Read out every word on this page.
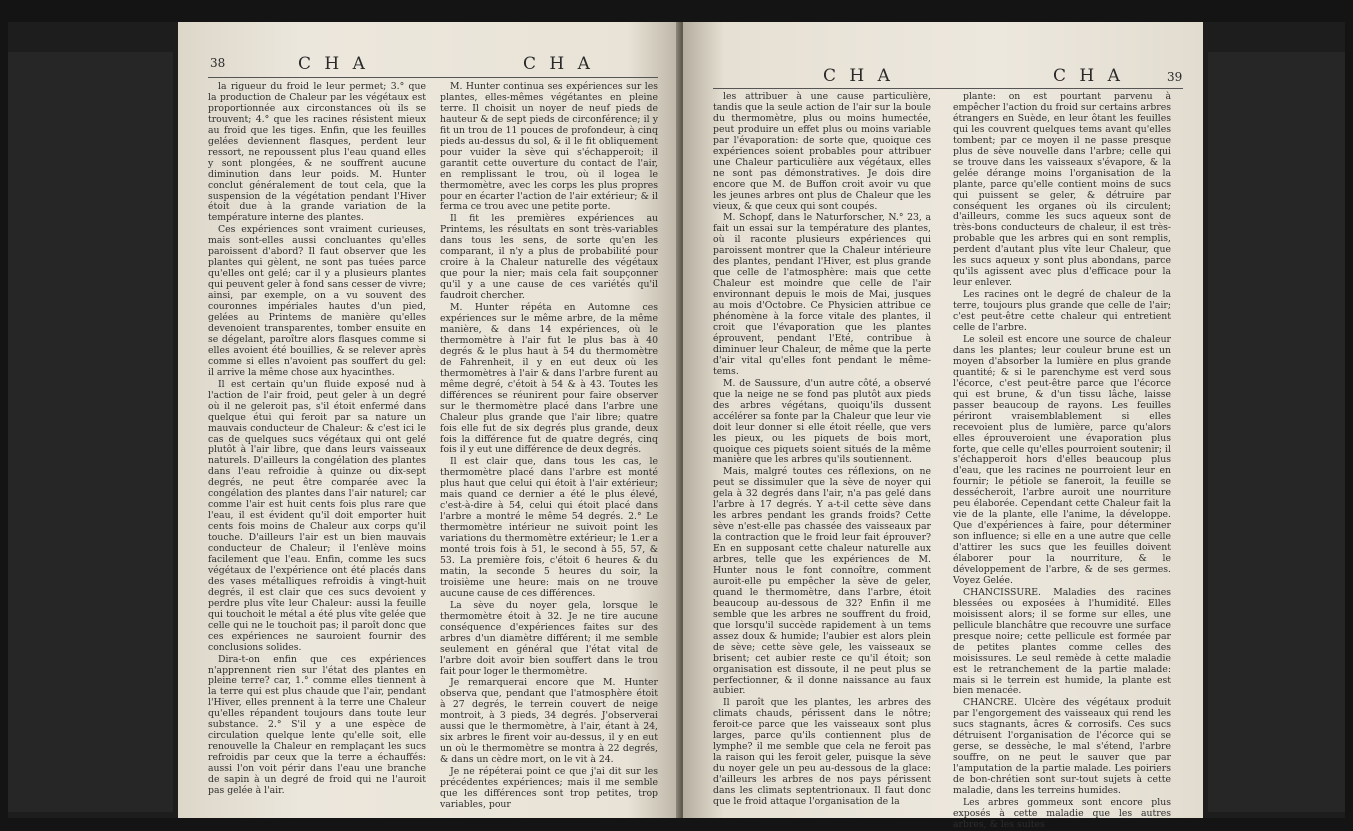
38	C H A	C H A

la rigueur du froid le leur permet; 3.° que la production de Chaleur par les végétaux est proportionnée aux circonstances où ils se trouvent; 4.° que les racines résistent mieux au froid que les tiges. Enfin, que les feuilles gelées deviennent flasques, perdent leur ressort, ne repoussent plus l'eau quand elles y sont plongées, & ne souffrent aucune diminution dans leur poids. M. Hunter conclut généralement de tout cela, que la suspension de la végétation pendant l'Hiver étoit due à la grande variation de la température interne des plantes.

Ces expériences sont vraiment curieuses, mais sont-elles aussi concluantes qu'elles paroissent d'abord? Il faut observer que les plantes qui gèlent, ne sont pas tuées parce qu'elles ont gelé; car il y a plusieurs plantes qui peuvent geler à fond sans cesser de vivre; ainsi, par exemple, on a vu souvent des couronnes impériales hautes d'un pied, gelées au Printems de manière qu'elles devenoient transparentes, tomber ensuite en se dégelant, paroître alors flasques comme si elles avoient été bouillies, & se relever après comme si elles n'avoient pas souffert du gel: il arrive la même chose aux hyacinthes.

Il est certain qu'un fluide exposé nud à l'action de l'air froid, peut geler à un degré où il ne geleroit pas, s'il étoit enfermé dans quelque étui qui feroit par sa nature un mauvais conducteur de Chaleur: & c'est ici le cas de quelques sucs végétaux qui ont gelé plutôt à l'air libre, que dans leurs vaisseaux naturels. D'ailleurs la congélation des plantes dans l'eau refroidie à quinze ou dix-sept degrés, ne peut être comparée avec la congélation des plantes dans l'air naturel; car comme l'air est huit cents fois plus rare que l'eau, il est évident qu'il doit emporter huit cents fois moins de Chaleur aux corps qu'il touche. D'ailleurs l'air est un bien mauvais conducteur de Chaleur; il l'enlève moins facilement que l'eau. Enfin, comme les sucs végétaux de l'expérience ont été placés dans des vases métalliques refroidis à vingt-huit degrés, il est clair que ces sucs devoient y perdre plus vîte leur Chaleur: aussi la feuille qui touchoit le métal a été plus vîte gelée que celle qui ne le touchoit pas; il paroît donc que ces expériences ne sauroient fournir des conclusions solides.

Dira-t-on enfin que ces expériences n'apprennent rien sur l'état des plantes en pleine terre? car, 1.° comme elles tiennent à la terre qui est plus chaude que l'air, pendant l'Hiver, elles prennent à la terre une Chaleur qu'elles répandent toujours dans toute leur substance. 2.° S'il y a une espèce de circulation quelque lente qu'elle soit, elle renouvelle la Chaleur en remplaçant les sucs refroidis par ceux que la terre a échauffés: aussi l'on voit périr dans l'eau une branche de sapin à un degré de froid qui ne l'auroit pas gelée à l'air.

M. Hunter continua ses expériences sur les plantes, elles-mêmes végétantes en pleine terre. Il choisit un noyer de neuf pieds de hauteur & de sept pieds de circonférence; il y fit un trou de 11 pouces de profondeur, à cinq pieds au-dessus du sol, & il le fit obliquement pour vuider la sève qui s'échapperoit; il garantit cette ouverture du contact de l'air, en remplissant le trou, où il logea le thermomètre, avec les corps les plus propres pour en écarter l'action de l'air extérieur; & il ferma ce trou avec une petite porte.

Il fit les premières expériences au Printems, les résultats en sont très-variables dans tous les sens, de sorte qu'en les comparant, il n'y a plus de probabilité pour croire à la Chaleur naturelle des végétaux que pour la nier; mais cela fait soupçonner qu'il y a une cause de ces variétés qu'il faudroit chercher.

M. Hunter répéta en Automne ces expériences sur le même arbre, de la même manière, & dans 14 expériences, où le thermomètre à l'air fut le plus bas à 40 degrés & le plus haut à 54 du thermomètre de Fahrenheit, il y en eut deux où les thermomètres à l'air & dans l'arbre furent au même degré, c'étoit à 54 & à 43. Toutes les différences se réunirent pour faire observer sur le thermomètre placé dans l'arbre une Chaleur plus grande que l'air libre; quatre fois elle fut de six degrés plus grande, deux fois la différence fut de quatre degrés, cinq fois il y eut une différence de deux degrés.

Il est clair que, dans tous les cas, le thermomètre placé dans l'arbre est monté plus haut que celui qui étoit à l'air extérieur; mais quand ce dernier a été le plus élevé, c'est-à-dire à 54, celui qui étoit placé dans l'arbre a montré le même 54 degrés. 2.° Le thermomètre intérieur ne suivoit point les variations du thermomètre extérieur; le 1.er a monté trois fois à 51, le second à 55, 57, & 53. La première fois, c'étoit 6 heures & du matin, la seconde 5 heures du soir, la troisième une heure: mais on ne trouve aucune cause de ces différences.

La sève du noyer gela, lorsque le thermomètre étoit à 32. Je ne tire aucune conséquence d'expériences faites sur des arbres d'un diamètre différent; il me semble seulement en général que l'état vital de l'arbre doit avoir bien souffert dans le trou fait pour loger le thermomètre.

Je remarquerai encore que M. Hunter observa que, pendant que l'atmosphère étoit à 27 degrés, le terrein couvert de neige montroit, à 3 pieds, 34 degrés. J'observerai aussi que le thermomètre, à l'air, étant à 24, six arbres le firent voir au-dessus, il y en eut un où le thermomètre se montra à 22 degrés, & dans un cèdre mort, on le vit à 24.

Je ne répéterai point ce que j'ai dit sur les précédentes expériences; mais il me semble que les différences sont trop petites, trop variables, pour

C H A	C H A	39

les attribuer à une cause particulière, tandis que la seule action de l'air sur la boule du thermomètre, plus ou moins humectée, peut produire un effet plus ou moins variable par l'évaporation: de sorte que, quoique ces expériences soient probables pour attribuer une Chaleur particulière aux végétaux, elles ne sont pas démonstratives. Je dois dire encore que M. de Buffon croit avoir vu que les jeunes arbres ont plus de Chaleur que les vieux, & que ceux qui sont coupés.

M. Schopf, dans le Naturforscher, N.° 23, a fait un essai sur la température des plantes, où il raconte plusieurs expériences qui paroissent montrer que la Chaleur intérieure des plantes, pendant l'Hiver, est plus grande que celle de l'atmosphère: mais que cette Chaleur est moindre que celle de l'air environnant depuis le mois de Mai, jusques au mois d'Octobre. Ce Physicien attribue ce phénomène à la force vitale des plantes, il croit que l'évaporation que les plantes éprouvent, pendant l'Eté, contribue à diminuer leur Chaleur, de même que la perte d'air vital qu'elles font pendant le même-tems.

M. de Saussure, d'un autre côté, a observé que la neige ne se fond pas plutôt aux pieds des arbres végétans, quoiqu'ils dussent accélérer sa fonte par la Chaleur que leur vie doit leur donner si elle étoit réelle, que vers les pieux, ou les piquets de bois mort, quoique ces piquets soient situés de la même manière que les arbres qu'ils soutiennent.

Mais, malgré toutes ces réflexions, on ne peut se dissimuler que la sève de noyer qui gela à 32 degrés dans l'air, n'a pas gelé dans l'arbre à 17 degrés. Y a-t-il cette sève dans les arbres pendant les grands froids? Cette sève n'est-elle pas chassée des vaisseaux par la contraction que le froid leur fait éprouver? En en supposant cette chaleur naturelle aux arbres, telle que les expériences de M. Hunter nous le font connoître, comment auroit-elle pu empêcher la sève de geler, quand le thermomètre, dans l'arbre, étoit beaucoup au-dessous de 32? Enfin il me semble que les arbres ne souffrent du froid, que lorsqu'il succède rapidement à un tems assez doux & humide; l'aubier est alors plein de sève; cette sève gele, les vaisseaux se brisent; cet aubier reste ce qu'il étoit; son organisation est dissoute, il ne peut plus se perfectionner, & il donne naissance au faux aubier.

Il paroît que les plantes, les arbres des climats chauds, périssent dans le nôtre; feroit-ce parce que les vaisseaux sont plus larges, parce qu'ils contiennent plus de lymphe? il me semble que cela ne feroit pas la raison qui les feroit geler, puisque la sève du noyer gele un peu au-dessous de la glace: d'ailleurs les arbres de nos pays périssent dans les climats septentrionaux. Il faut donc que le froid attaque l'organisation de la

plante: on est pourtant parvenu à empêcher l'action du froid sur certains arbres étrangers en Suède, en leur ôtant les feuilles qui les couvrent quelques tems avant qu'elles tombent; par ce moyen il ne passe presque plus de sève nouvelle dans l'arbre; celle qui se trouve dans les vaisseaux s'évapore, & la gelée dérange moins l'organisation de la plante, parce qu'elle contient moins de sucs qui puissent se geler, & détruire par conséquent les organes où ils circulent; d'ailleurs, comme les sucs aqueux sont de très-bons conducteurs de chaleur, il est très-probable que les arbres qui en sont remplis, perdent d'autant plus vîte leur Chaleur, que les sucs aqueux y sont plus abondans, parce qu'ils agissent avec plus d'efficace pour la leur enlever.

Les racines ont le degré de chaleur de la terre, toujours plus grande que celle de l'air; c'est peut-être cette chaleur qui entretient celle de l'arbre.

Le soleil est encore une source de chaleur dans les plantes; leur couleur brune est un moyen d'absorber la lumière en plus grande quantité; & si le parenchyme est verd sous l'écorce, c'est peut-être parce que l'écorce qui est brune, & d'un tissu lâche, laisse passer beaucoup de rayons. Les feuilles périront vraisemblablement si elles recevoient plus de lumière, parce qu'alors elles éprouveroient une évaporation plus forte, que celle qu'elles pourroient soutenir; il s'échapperoit hors d'elles beaucoup plus d'eau, que les racines ne pourroient leur en fournir; le pétiole se faneroit, la feuille se dessécheroit, l'arbre auroit une nourriture peu élaborée. Cependant cette Chaleur fait la vie de la plante, elle l'anime, la développe. Que d'expériences à faire, pour déterminer son influence; si elle en a une autre que celle d'attirer les sucs que les feuilles doivent élaborer pour la nourriture, & le développement de l'arbre, & de ses germes. Voyez Gelée.

CHANCISSURE. Maladies des racines blessées ou exposées à l'humidité. Elles moisissent alors; il se forme sur elles, une pellicule blanchâtre que recouvre une surface presque noire; cette pellicule est formée par de petites plantes comme celles des moisissures. Le seul remède à cette maladie est le retranchement de la partie malade: mais si le terrein est humide, la plante est bien menacée.

CHANCRE. Ulcère des végétaux produit par l'engorgement des vaisseaux qui rend les sucs stagnants, âcres & corrosifs. Ces sucs détruisent l'organisation de l'écorce qui se gerse, se dessèche, le mal s'étend, l'arbre souffre, on ne peut le sauver que par l'amputation de la partie malade. Les poiriers de bon-chrétien sont sur-tout sujets à cette maladie, dans les terreins humides.

Les arbres gommeux sont encore plus exposés à cette maladie que les autres arbres, & les suites
